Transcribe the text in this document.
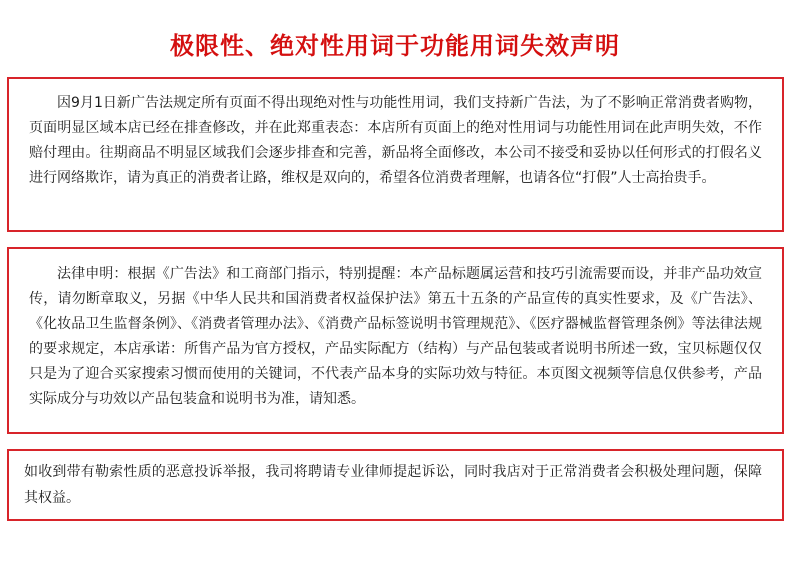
极限性、绝对性用词于功能用词失效声明

因9月1日新广告法规定所有页面不得出现绝对性与功能性用词，我们支持新广告法，为了不影响正常消费者购物，页面明显区域本店已经在排查修改，并在此郑重表态：本店所有页面上的绝对性用词与功能性用词在此声明失效，不作赔付理由。往期商品不明显区域我们会逐步排查和完善，新品将全面修改，本公司不接受和妥协以任何形式的打假名义进行网络欺诈，请为真正的消费者让路，维权是双向的，希望各位消费者理解，也请各位“打假”人士高抬贵手。

法律申明：根据《广告法》和工商部门指示，特别提醒：本产品标题属运营和技巧引流需要而设，并非产品功效宣传，请勿断章取义，另据《中华人民共和国消费者权益保护法》第五十五条的产品宣传的真实性要求，及《广告法》、《化妆品卫生监督条例》、《消费者管理办法》、《消费产品标签说明书管理规范》、《医疗器械监督管理条例》等法律法规的要求规定，本店承诺：所售产品为官方授权，产品实际配方（结构）与产品包装或者说明书所述一致，宝贝标题仅仅只是为了迎合买家搜索习惯而使用的关键词，不代表产品本身的实际功效与特征。本页图文视频等信息仅供参考，产品实际成分与功效以产品包装盒和说明书为准，请知悉。

如收到带有勒索性质的恶意投诉举报，我司将聘请专业律师提起诉讼，同时我店对于正常消费者会积极处理问题，保障其权益。
